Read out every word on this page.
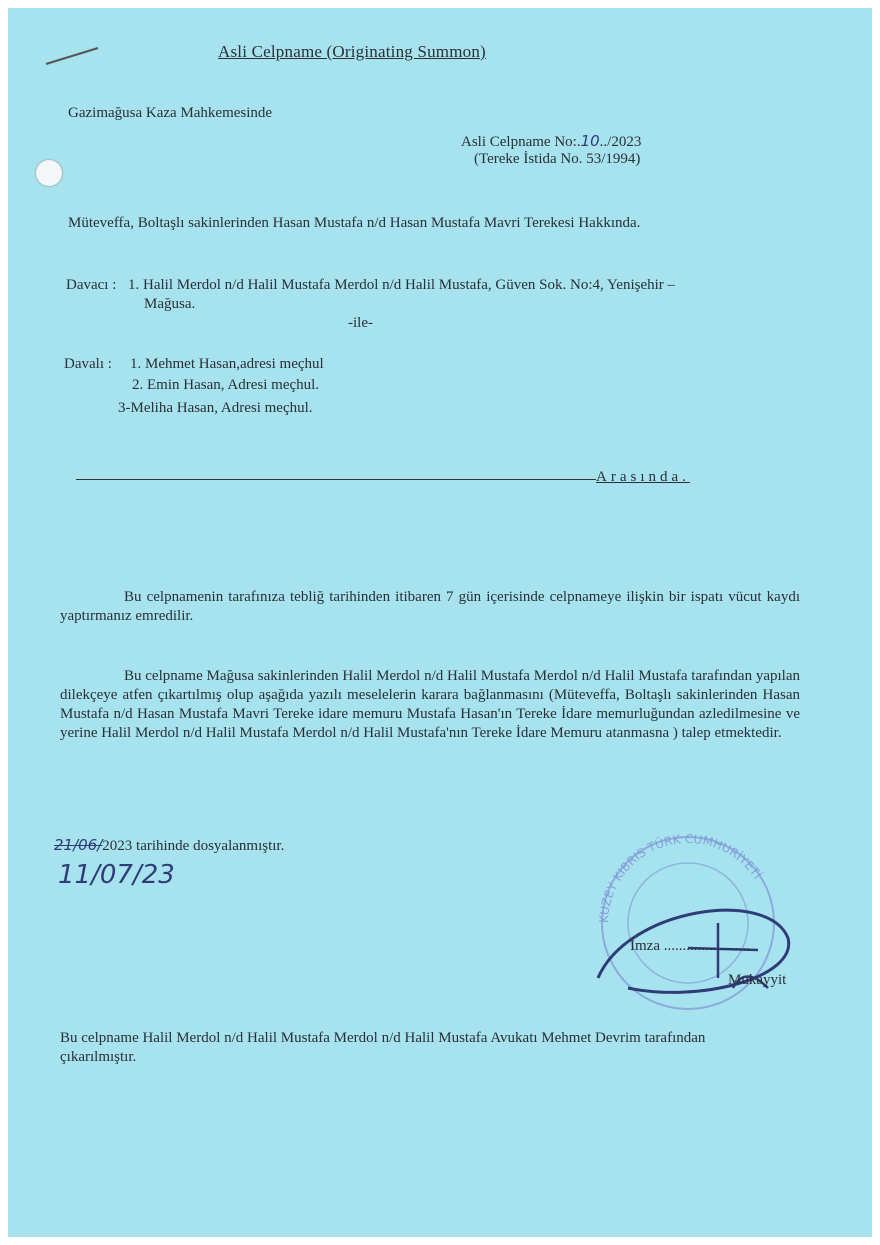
Asli Celpname (Originating Summon)
Gazimağusa Kaza Mahkemesinde
Asli Celpname No:.10../2023
(Tereke İstida No. 53/1994)
Müteveffa, Boltaşlı sakinlerinden Hasan Mustafa n/d Hasan Mustafa Mavri Terekesi Hakkında.
Davacı : 1. Halil Merdol n/d Halil Mustafa Merdol n/d Halil Mustafa, Güven Sok. No:4, Yenişehir –
Mağusa.
-ile-
Davalı : 1. Mehmet Hasan,adresi meçhul
2. Emin Hasan, Adresi meçhul.
3-Meliha Hasan, Adresi meçhul.
Arasında.
Bu celpnamenin tarafınıza tebliğ tarihinden itibaren 7 gün içerisinde celpnameye ilişkin bir ispatı vücut kaydı yaptırmanız emredilir.
Bu celpname Mağusa sakinlerinden Halil Merdol n/d Halil Mustafa Merdol n/d Halil Mustafa tarafından yapılan dilekçeye atfen çıkartılmış olup aşağıda yazılı meselelerin karara bağlanmasını (Müteveffa, Boltaşlı sakinlerinden Hasan Mustafa n/d Hasan Mustafa Mavri Tereke idare memuru Mustafa Hasan'ın Tereke İdare memurluğundan azledilmesine ve yerine Halil Merdol n/d Halil Mustafa Merdol n/d Halil Mustafa'nın Tereke İdare Memuru atanmasna ) talep etmektedir.
21/06/2023 tarihinde dosyalanmıştır.
11/07/23
KUZEY KIBRIS TÜRK CUMHURİYETİ
İmza .......................
Mukayyit
Bu celpname Halil Merdol n/d Halil Mustafa Merdol n/d Halil Mustafa Avukatı Mehmet Devrim tarafından çıkarılmıştır.
